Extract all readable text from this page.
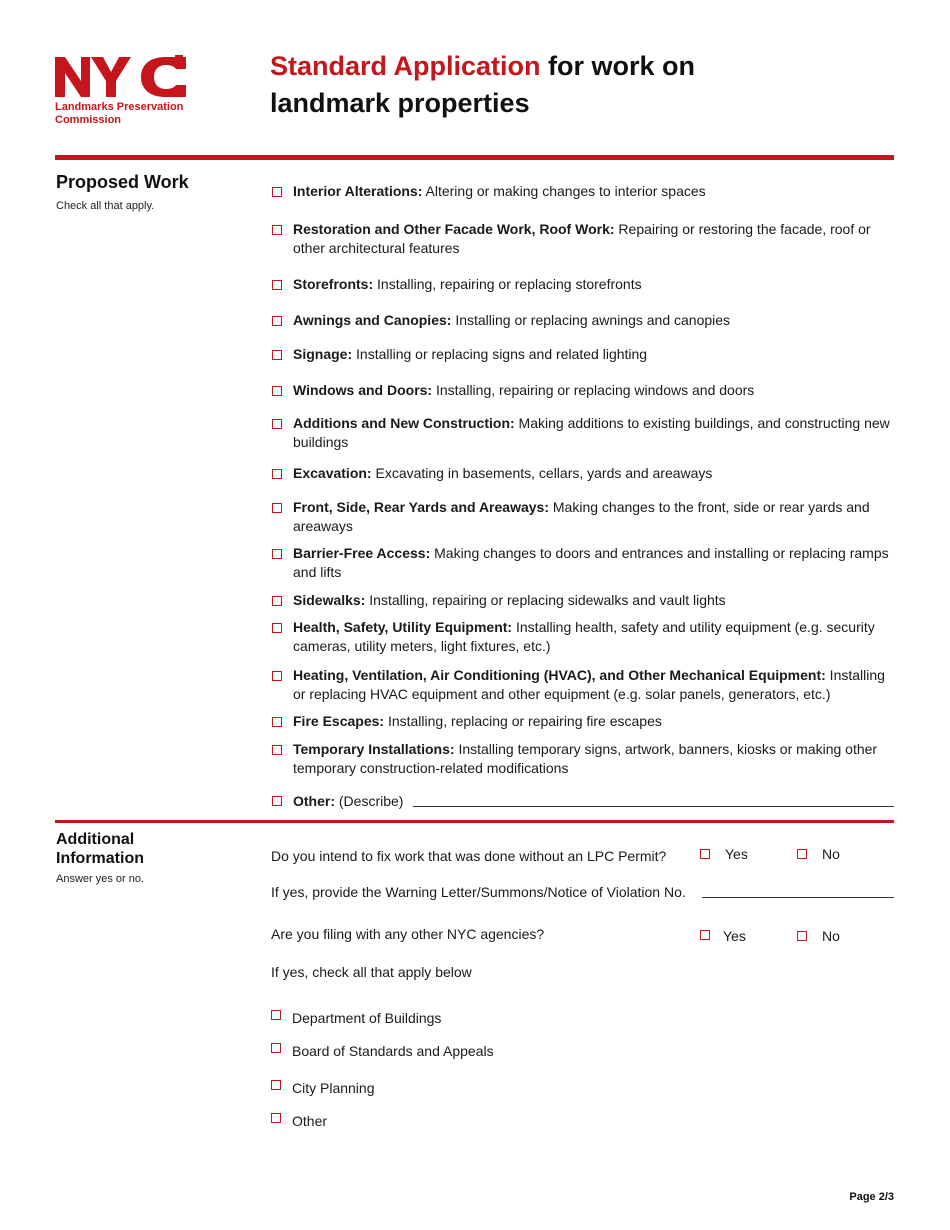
Landmarks Preservation
Commission
Standard Application for work on
landmark properties
Proposed Work
Check all that apply.
Interior Alterations: Altering or making changes to interior spaces
Restoration and Other Facade Work, Roof Work: Repairing or restoring the facade, roof or other architectural features
Storefronts: Installing, repairing or replacing storefronts
Awnings and Canopies: Installing or replacing awnings and canopies
Signage: Installing or replacing signs and related lighting
Windows and Doors: Installing, repairing or replacing windows and doors
Additions and New Construction: Making additions to existing buildings, and constructing new buildings
Excavation: Excavating in basements, cellars, yards and areaways
Front, Side, Rear Yards and Areaways: Making changes to the front, side or rear yards and areaways
Barrier-Free Access: Making changes to doors and entrances and installing or replacing ramps and lifts
Sidewalks: Installing, repairing or replacing sidewalks and vault lights
Health, Safety, Utility Equipment: Installing health, safety and utility equipment (e.g. security cameras, utility meters, light fixtures, etc.)
Heating, Ventilation, Air Conditioning (HVAC), and Other Mechanical Equipment: Installing or replacing HVAC equipment and other equipment (e.g. solar panels, generators, etc.)
Fire Escapes: Installing, replacing or repairing fire escapes
Temporary Installations: Installing temporary signs, artwork, banners, kiosks or making other temporary construction-related modifications
Other: (Describe)
Additional
Information
Answer yes or no.
Do you intend to fix work that was done without an LPC Permit?	Yes	No
If yes, provide the Warning Letter/Summons/Notice of Violation No.
Are you filing with any other NYC agencies?	Yes	No
If yes, check all that apply below
Department of Buildings
Board of Standards and Appeals
City Planning
Other
Page 2/3
